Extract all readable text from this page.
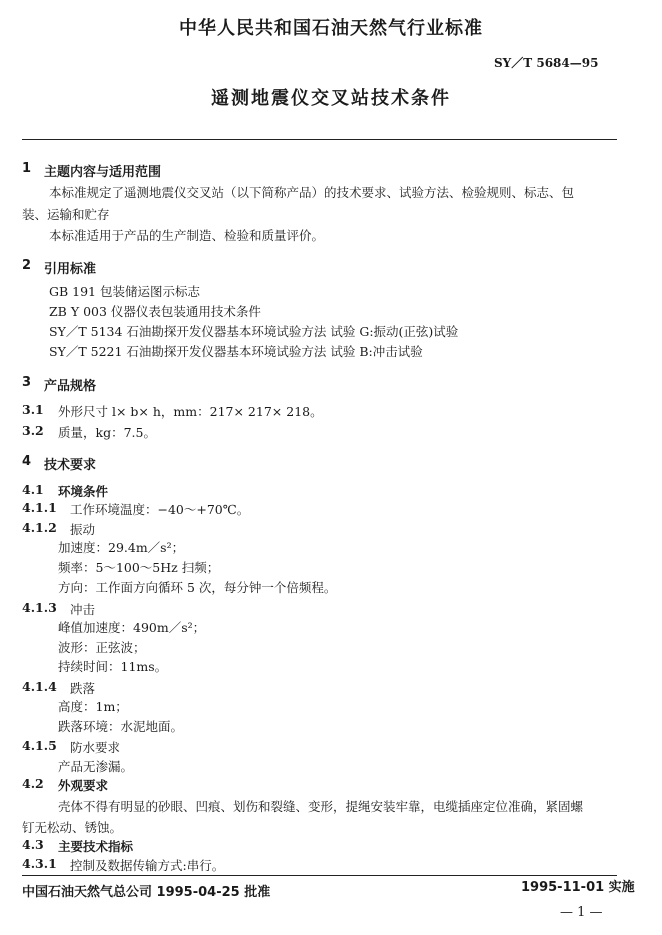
中华人民共和国石油天然气行业标准
SY／T 5684—95
遥测地震仪交叉站技术条件
1 主题内容与适用范围
本标准规定了遥测地震仪交叉站（以下简称产品）的技术要求、试验方法、检验规则、标志、包
装、运输和贮存
本标准适用于产品的生产制造、检验和质量评价。
2 引用标准
GB 191 包装储运图示标志
ZB Y 003 仪器仪表包装通用技术条件
SY／T 5134 石油勘探开发仪器基本环境试验方法 试验 G:振动(正弦)试验
SY／T 5221 石油勘探开发仪器基本环境试验方法 试验 B:冲击试验
3 产品规格
3.1 外形尺寸 l× b× h，mm：217× 217× 218。
3.2 质量，kg：7.5。
4 技术要求
4.1 环境条件
4.1.1 工作环境温度：−40～+70℃。
4.1.2 振动
加速度：29.4m／s²；
频率：5～100～5Hz 扫频；
方向：工作面方向循环 5 次，每分钟一个倍频程。
4.1.3 冲击
峰值加速度：490m／s²；
波形：正弦波；
持续时间：11ms。
4.1.4 跌落
高度：1m；
跌落环境：水泥地面。
4.1.5 防水要求
产品无渗漏。
4.2 外观要求
壳体不得有明显的砂眼、凹痕、划伤和裂缝、变形，提绳安装牢靠，电缆插座定位准确，紧固螺
钉无松动、锈蚀。
4.3 主要技术指标
4.3.1 控制及数据传输方式:串行。
中国石油天然气总公司 1995-04-25 批准	1995-11-01 实施
— 1 —
